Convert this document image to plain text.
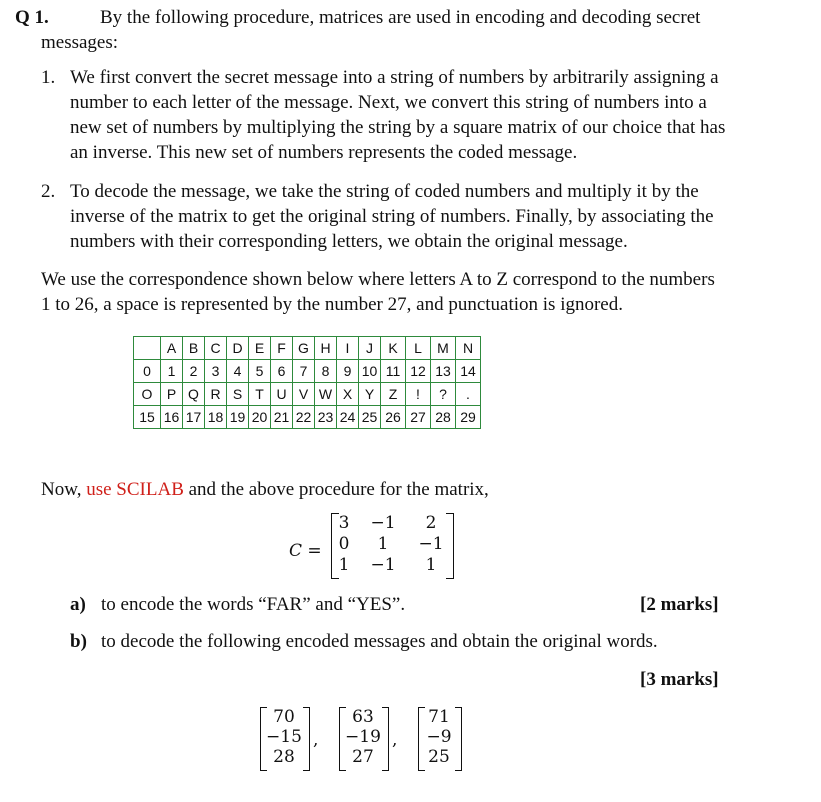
Q 1.	By the following procedure, matrices are used in encoding and decoding secret
messages:
1. We first convert the secret message into a string of numbers by arbitrarily assigning a
number to each letter of the message. Next, we convert this string of numbers into a
new set of numbers by multiplying the string by a square matrix of our choice that has
an inverse. This new set of numbers represents the coded message.
2. To decode the message, we take the string of coded numbers and multiply it by the
inverse of the matrix to get the original string of numbers. Finally, by associating the
numbers with their corresponding letters, we obtain the original message.
We use the correspondence shown below where letters A to Z correspond to the numbers
1 to 26, a space is represented by the number 27, and punctuation is ignored.
	A	B	C	D	E	F	G	H	I	J	K	L	M	N
0	1	2	3	4	5	6	7	8	9	10	11	12	13	14
O	P	Q	R	S	T	U	V	W	X	Y	Z	!	?	.
15	16	17	18	19	20	21	22	23	24	25	26	27	28	29
Now, use SCILAB and the above procedure for the matrix,
C =
3 −1	2
0	1	−1
1 −1	1
a) to encode the words “FAR” and “YES”.	[2 marks]
b) to decode the following encoded messages and obtain the original words.
[3 marks]
70
−15
28
,
63
−19
27
,
71
−9
25
